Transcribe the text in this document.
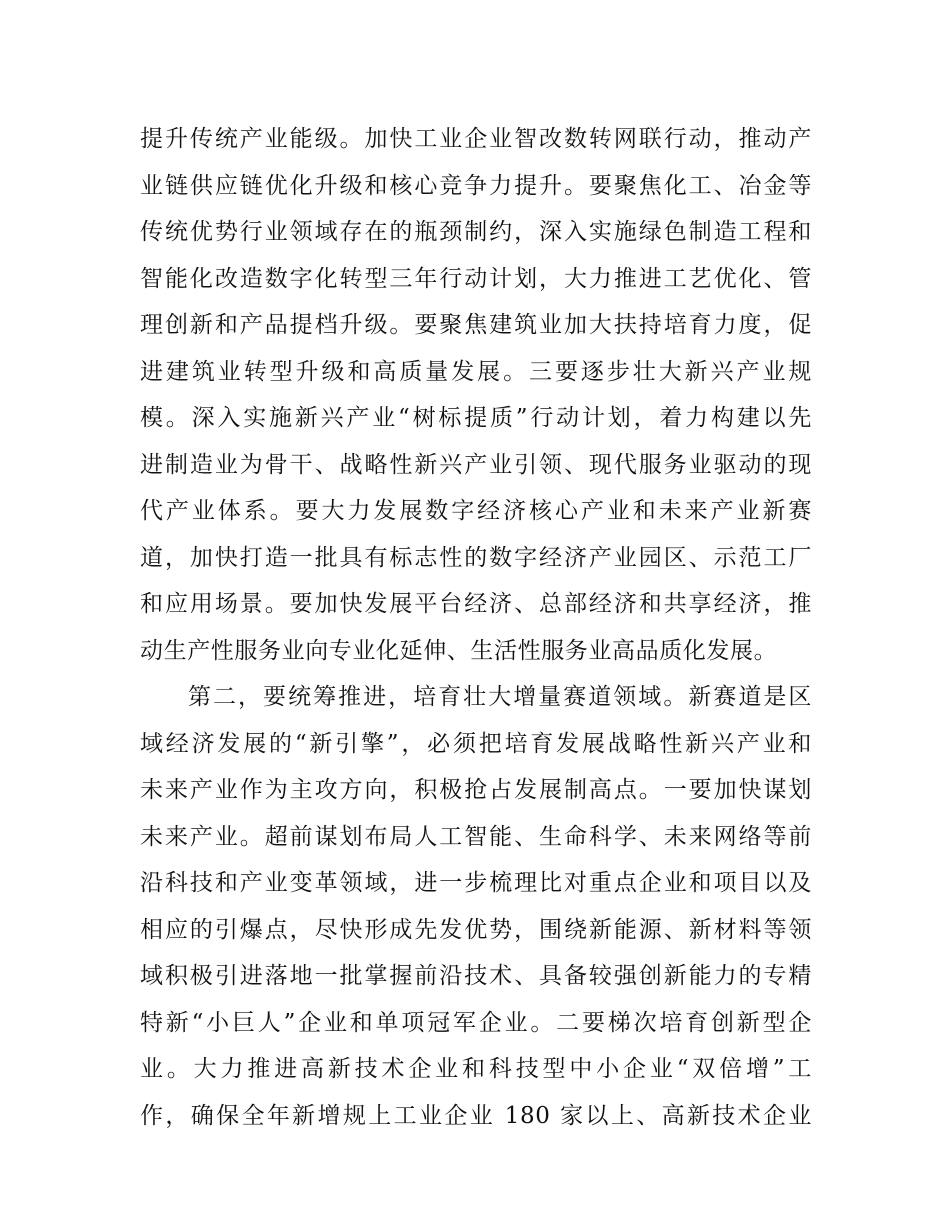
提升传统产业能级。加快工业企业智改数转网联行动，推动产
业链供应链优化升级和核心竞争力提升。要聚焦化工、冶金等
传统优势行业领域存在的瓶颈制约，深入实施绿色制造工程和
智能化改造数字化转型三年行动计划，大力推进工艺优化、管
理创新和产品提档升级。要聚焦建筑业加大扶持培育力度，促
进建筑业转型升级和高质量发展。三要逐步壮大新兴产业规
模。深入实施新兴产业“树标提质”行动计划，着力构建以先
进制造业为骨干、战略性新兴产业引领、现代服务业驱动的现
代产业体系。要大力发展数字经济核心产业和未来产业新赛
道，加快打造一批具有标志性的数字经济产业园区、示范工厂
和应用场景。要加快发展平台经济、总部经济和共享经济，推
动生产性服务业向专业化延伸、生活性服务业高品质化发展。
第二，要统筹推进，培育壮大增量赛道领域。新赛道是区
域经济发展的“新引擎”，必须把培育发展战略性新兴产业和
未来产业作为主攻方向，积极抢占发展制高点。一要加快谋划
未来产业。超前谋划布局人工智能、生命科学、未来网络等前
沿科技和产业变革领域，进一步梳理比对重点企业和项目以及
相应的引爆点，尽快形成先发优势，围绕新能源、新材料等领
域积极引进落地一批掌握前沿技术、具备较强创新能力的专精
特新“小巨人”企业和单项冠军企业。二要梯次培育创新型企
业。大力推进高新技术企业和科技型中小企业“双倍增”工
作，确保全年新增规上工业企业 180 家以上、高新技术企业
